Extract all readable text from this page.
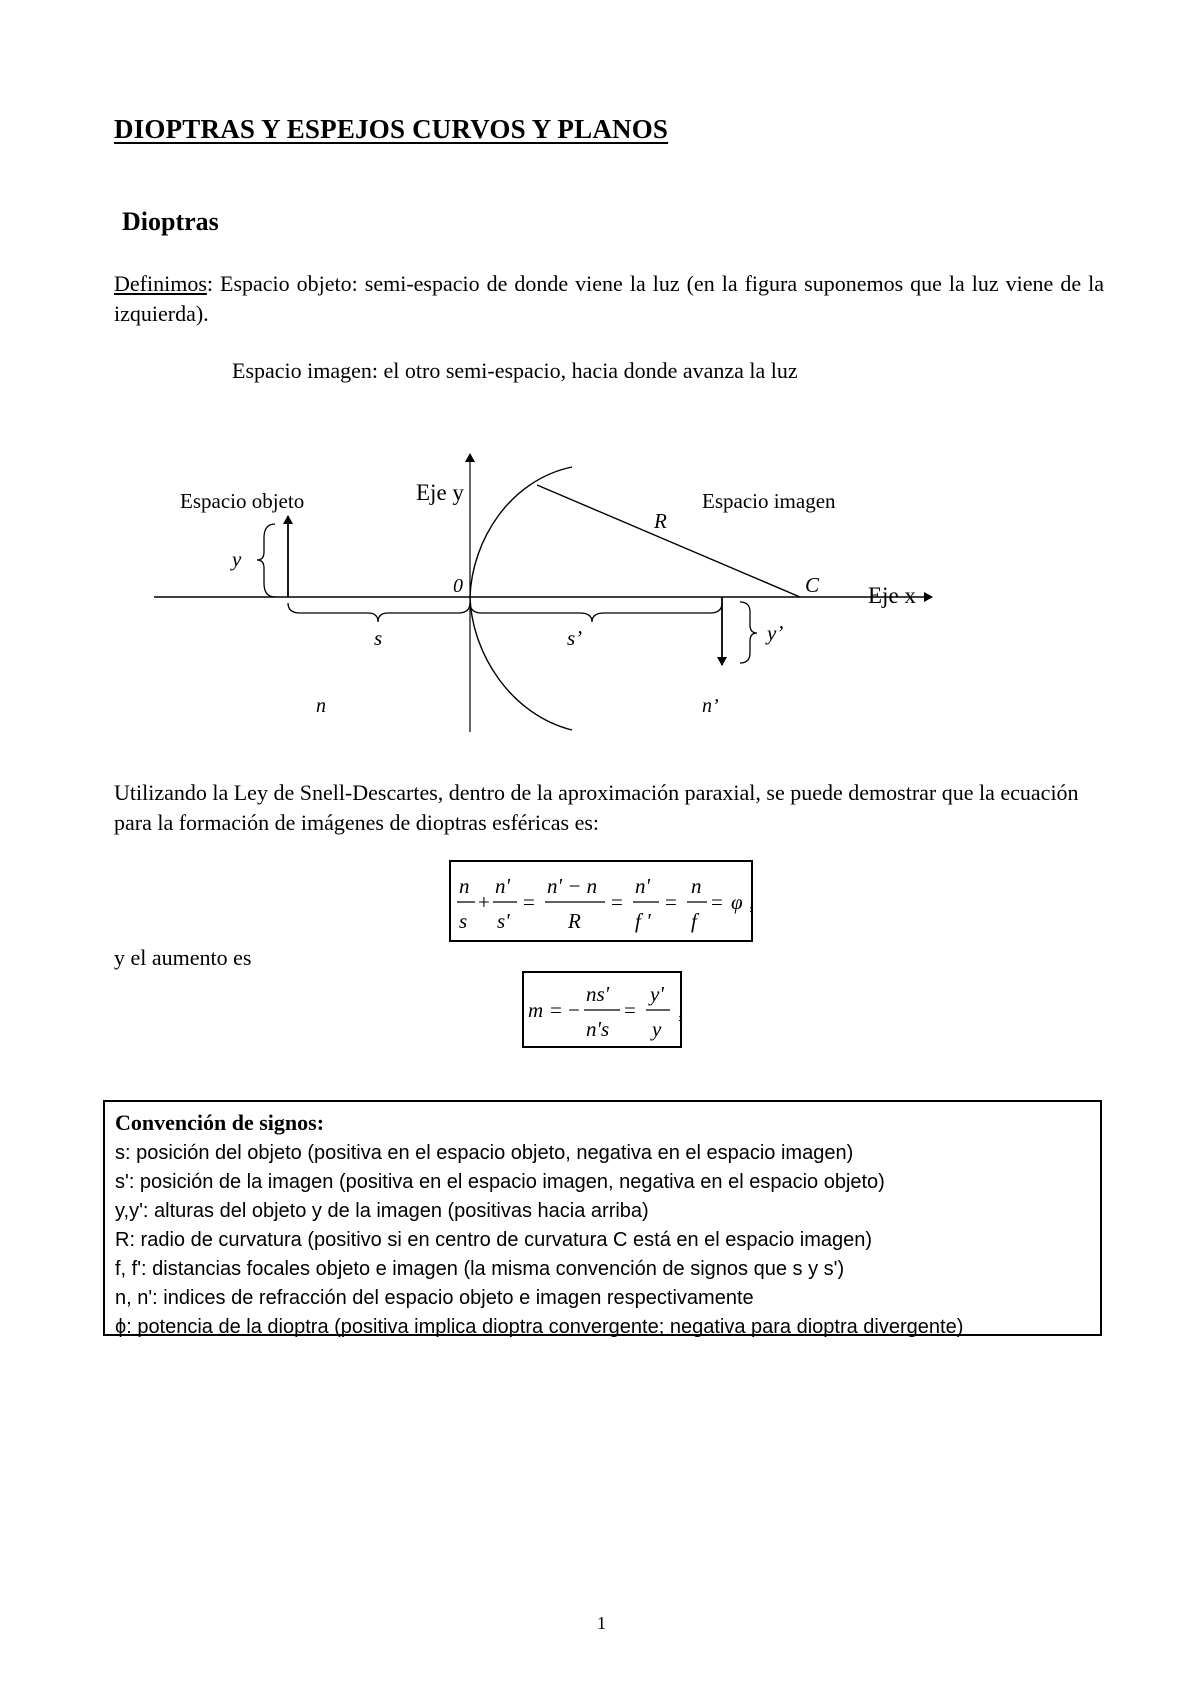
DIOPTRAS Y ESPEJOS CURVOS Y PLANOS
Dioptras
Definimos: Espacio objeto: semi-espacio de donde viene la luz (en la figura suponemos que la luz viene de la izquierda).
Espacio imagen: el otro semi-espacio, hacia donde avanza la luz
Espacio objeto	Espacio imagen
Eje y
Eje x
0	C
R
y
y’
s	s’
n	n’
Utilizando la Ley de Snell-Descartes, dentro de la aproximación paraxial, se puede demostrar que la ecuación para la formación de imágenes de dioptras esféricas es:
n
s
+
n'
s'
=
n' − n
R
=
n'
f '
=
n
f
= φ ,
y el aumento es
m = −
ns'
n's
=
y'
y
,
Convención de signos:
s: posición del objeto (positiva en el espacio objeto, negativa en el espacio imagen)
s': posición de la imagen (positiva en el espacio imagen, negativa en el espacio objeto)
y,y': alturas del objeto y de la imagen (positivas hacia arriba)
R: radio de curvatura (positivo si en centro de curvatura C está en el espacio imagen)
f, f': distancias focales objeto e imagen (la misma convención de signos que s y s')
n, n': indices de refracción del espacio objeto e imagen respectivamente
ϕ: potencia de la dioptra (positiva implica dioptra convergente; negativa para dioptra divergente)
1
